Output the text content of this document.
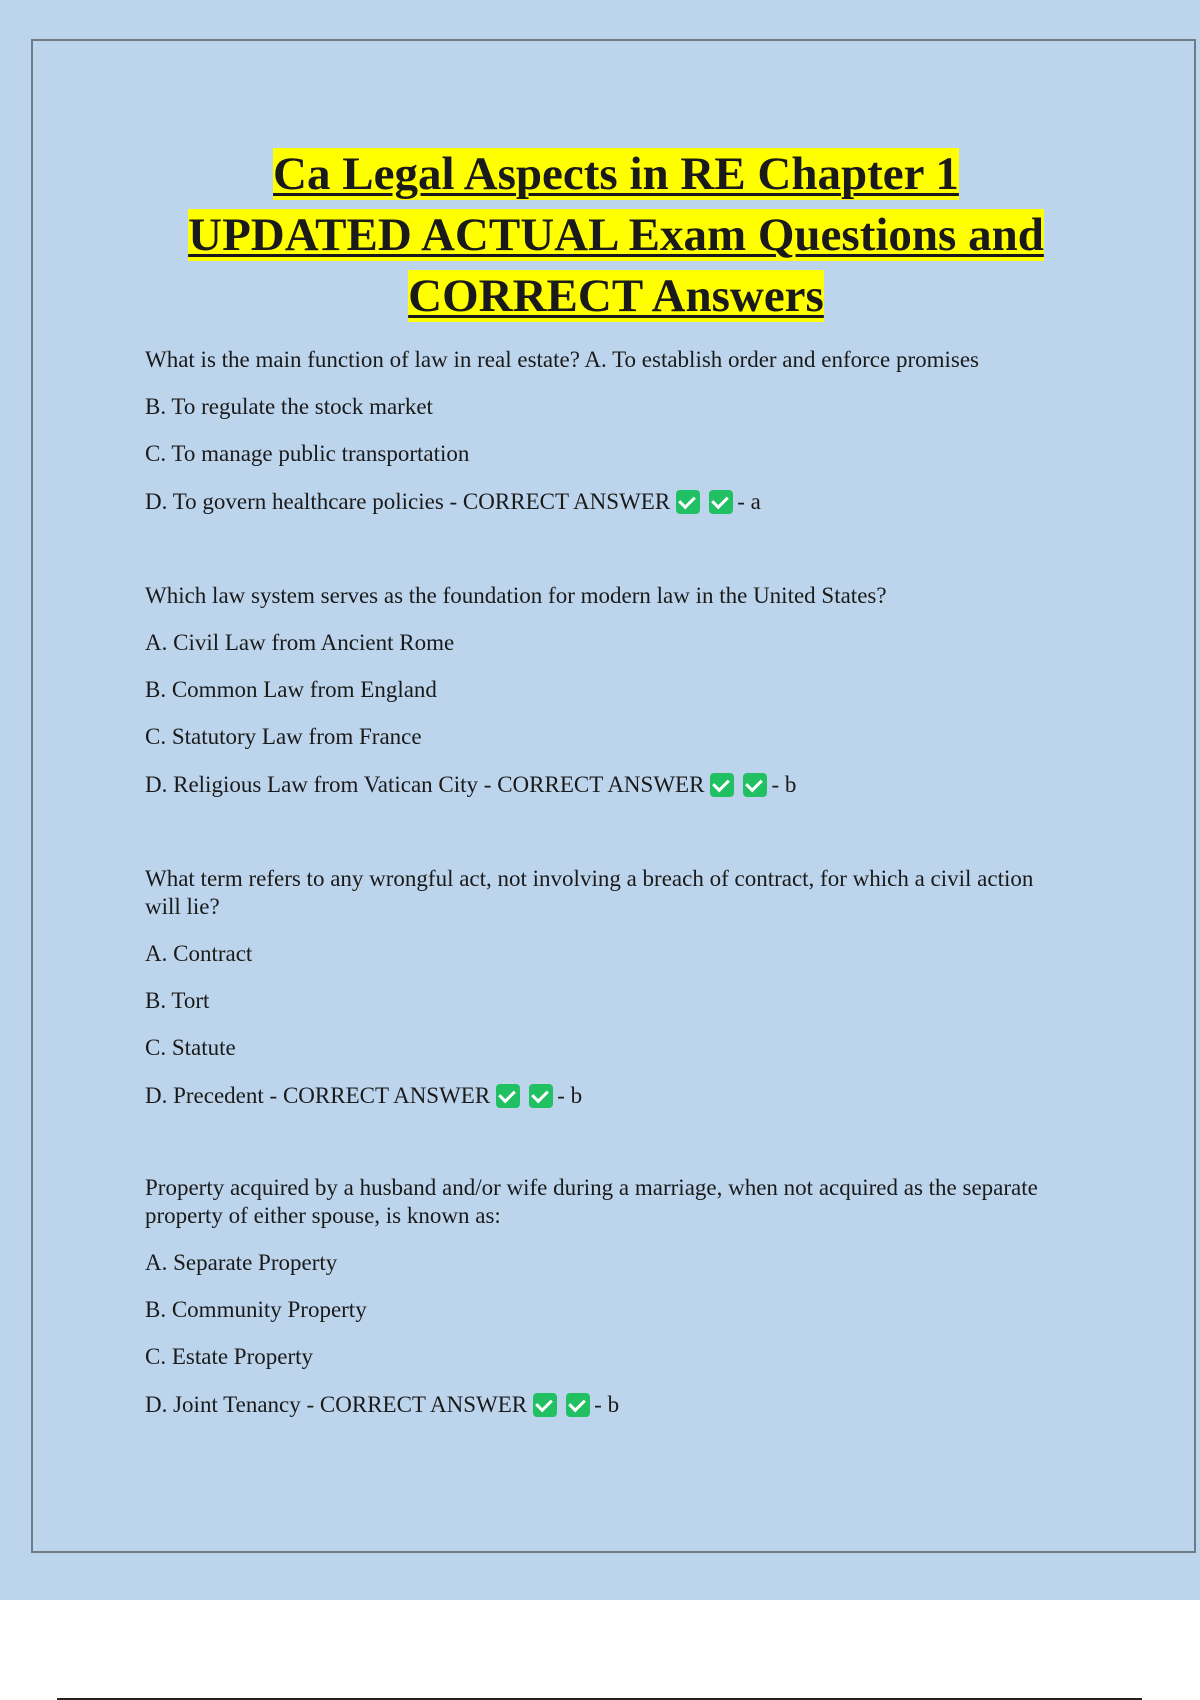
Ca Legal Aspects in RE Chapter 1
UPDATED ACTUAL Exam Questions and
CORRECT Answers

What is the main function of law in real estate? A. To establish order and enforce promises

B. To regulate the stock market

C. To manage public transportation

D. To govern healthcare policies - CORRECT ANSWER	- a

Which law system serves as the foundation for modern law in the United States?

A. Civil Law from Ancient Rome

B. Common Law from England

C. Statutory Law from France

D. Religious Law from Vatican City - CORRECT ANSWER	- b

What term refers to any wrongful act, not involving a breach of contract, for which a civil action

will lie?

A. Contract

B. Tort

C. Statute

D. Precedent - CORRECT ANSWER	- b

Property acquired by a husband and/or wife during a marriage, when not acquired as the separate

property of either spouse, is known as:

A. Separate Property

B. Community Property

C. Estate Property

D. Joint Tenancy - CORRECT ANSWER	- b
